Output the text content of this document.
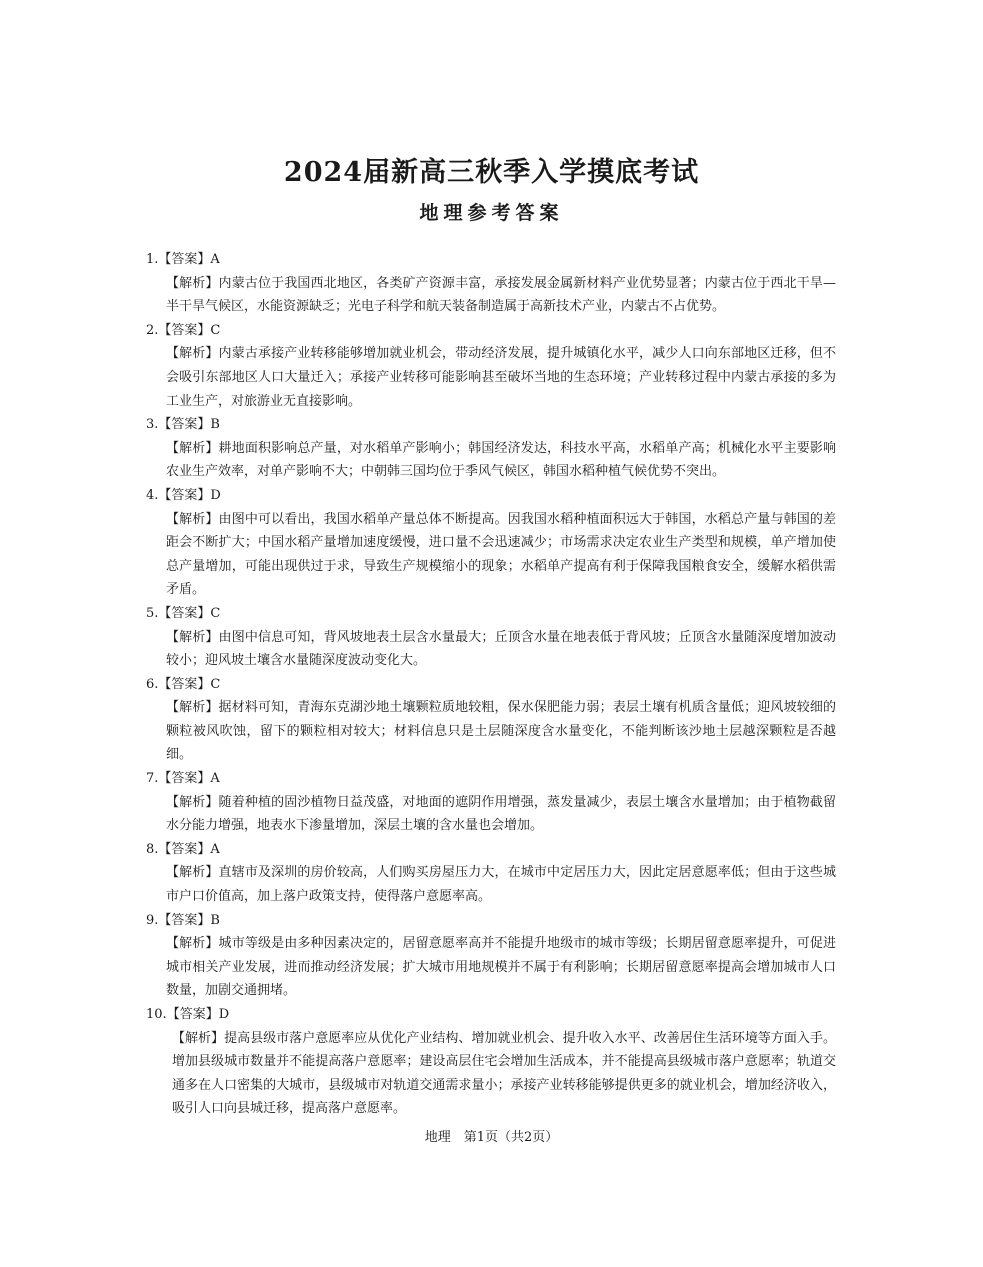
2024届新高三秋季入学摸底考试
地理参考答案
1.【答案】A
【解析】内蒙古位于我国西北地区，各类矿产资源丰富，承接发展金属新材料产业优势显著；内蒙古位于西北干旱—半干旱气候区，水能资源缺乏；光电子科学和航天装备制造属于高新技术产业，内蒙古不占优势。
2.【答案】C
【解析】内蒙古承接产业转移能够增加就业机会，带动经济发展，提升城镇化水平，减少人口向东部地区迁移，但不会吸引东部地区人口大量迁入；承接产业转移可能影响甚至破坏当地的生态环境；产业转移过程中内蒙古承接的多为工业生产，对旅游业无直接影响。
3.【答案】B
【解析】耕地面积影响总产量，对水稻单产影响小；韩国经济发达，科技水平高，水稻单产高；机械化水平主要影响农业生产效率，对单产影响不大；中朝韩三国均位于季风气候区，韩国水稻种植气候优势不突出。
4.【答案】D
【解析】由图中可以看出，我国水稻单产量总体不断提高。因我国水稻种植面积远大于韩国，水稻总产量与韩国的差距会不断扩大；中国水稻产量增加速度缓慢，进口量不会迅速减少；市场需求决定农业生产类型和规模，单产增加使总产量增加，可能出现供过于求，导致生产规模缩小的现象；水稻单产提高有利于保障我国粮食安全，缓解水稻供需矛盾。
5.【答案】C
【解析】由图中信息可知，背风坡地表土层含水量最大；丘顶含水量在地表低于背风坡；丘顶含水量随深度增加波动较小；迎风坡土壤含水量随深度波动变化大。
6.【答案】C
【解析】据材料可知，青海东克湖沙地土壤颗粒质地较粗，保水保肥能力弱；表层土壤有机质含量低；迎风坡较细的颗粒被风吹蚀，留下的颗粒相对较大；材料信息只是土层随深度含水量变化，不能判断该沙地土层越深颗粒是否越细。
7.【答案】A
【解析】随着种植的固沙植物日益茂盛，对地面的遮阴作用增强，蒸发量减少，表层土壤含水量增加；由于植物截留水分能力增强，地表水下渗量增加，深层土壤的含水量也会增加。
8.【答案】A
【解析】直辖市及深圳的房价较高，人们购买房屋压力大，在城市中定居压力大，因此定居意愿率低；但由于这些城市户口价值高，加上落户政策支持，使得落户意愿率高。
9.【答案】B
【解析】城市等级是由多种因素决定的，居留意愿率高并不能提升地级市的城市等级；长期居留意愿率提升，可促进城市相关产业发展，进而推动经济发展；扩大城市用地规模并不属于有利影响；长期居留意愿率提高会增加城市人口数量，加剧交通拥堵。
10.【答案】D
【解析】提高县级市落户意愿率应从优化产业结构、增加就业机会、提升收入水平、改善居住生活环境等方面入手。增加县级城市数量并不能提高落户意愿率；建设高层住宅会增加生活成本，并不能提高县级城市落户意愿率；轨道交通多在人口密集的大城市，县级城市对轨道交通需求量小；承接产业转移能够提供更多的就业机会，增加经济收入，吸引人口向县城迁移，提高落户意愿率。
地理　第1页（共2页）
